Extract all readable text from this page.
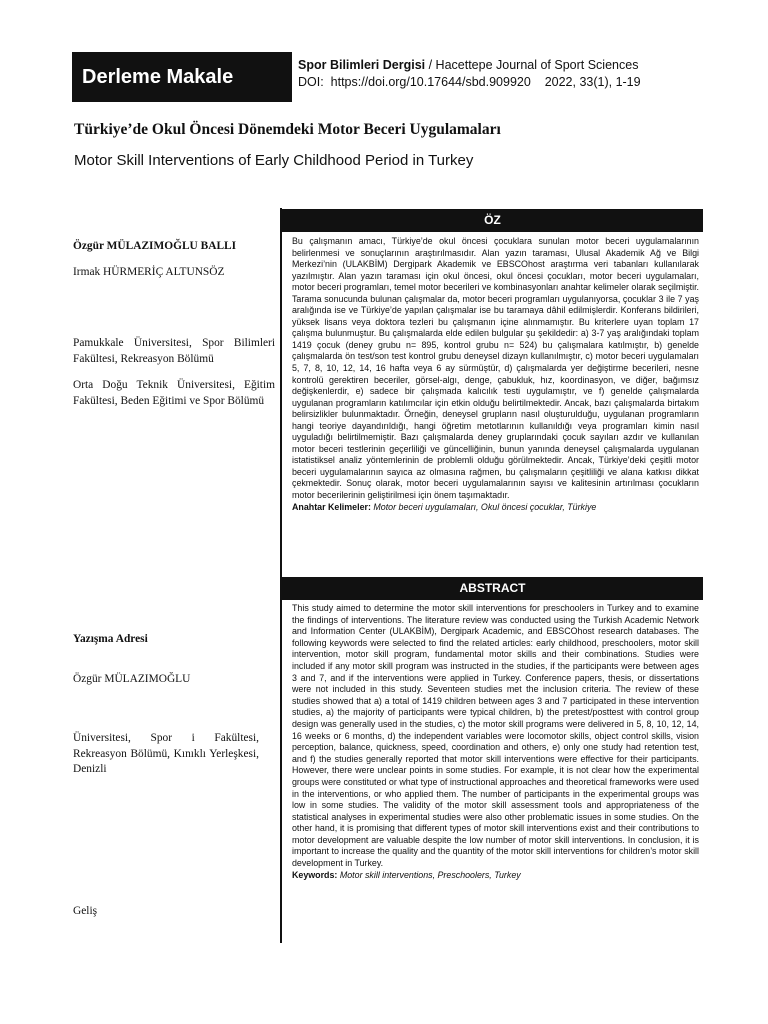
Derleme Makale
Spor Bilimleri Dergisi / Hacettepe Journal of Sport Sciences
DOI:  https://doi.org/10.17644/sbd.909920    2022, 33(1), 1-19
Türkiye’de Okul Öncesi Dönemdeki Motor Beceri Uygulamaları
Motor Skill Interventions of Early Childhood Period in Turkey
Özgür MÜLAZIMOĞLU BALLI
Irmak HÜRMERİÇ ALTUNSÖZ
Pamukkale Üniversitesi, Spor Bilimleri Fakültesi, Rekreasyon Bölümü
Orta Doğu Teknik Üniversitesi, Eğitim Fakültesi, Beden Eğitimi ve Spor Bölümü
Yazışma Adresi
Özgür MÜLAZIMOĞLU
Üniversitesi, Spor i Fakültesi, Rekreasyon Bölümü, Kınıklı Yerleşkesi, Denizli
Geliş
ÖZ

Bu çalışmanın amacı, Türkiye’de okul öncesi çocuklara sunulan motor beceri uygulamalarının belirlenmesi ve sonuçlarının araştırılmasıdır. Alan yazın taraması, Ulusal Akademik Ağ ve Bilgi Merkezi’nin (ULAKBİM) Dergipark Akademik ve EBSCOhost araştırma veri tabanları kullanılarak yazılmıştır. Alan yazın taraması için okul öncesi, okul öncesi çocukları, motor beceri uygulamaları, motor beceri programları, temel motor becerileri ve kombinasyonları anahtar kelimeler olarak seçilmiştir. Tarama sonucunda bulunan çalışmalar da, motor beceri programları uygulanıyorsa, çocuklar 3 ile 7 yaş aralığında ise ve Türkiye’de yapılan çalışmalar ise bu taramaya dâhil edilmişlerdir. Konferans bildirileri, yüksek lisans veya doktora tezleri bu çalışmanın içine alınmamıştır. Bu kriterlere uyan toplam 17 çalışma bulunmuştur. Bu çalışmalarda elde edilen bulgular şu şekildedir: a) 3-7 yaş aralığındaki toplam 1419 çocuk (deney grubu n= 895, kontrol grubu n= 524) bu çalışmalara katılmıştır, b) genelde çalışmalarda ön test/son test kontrol grubu deneysel dizayn kullanılmıştır, c) motor beceri uygulamaları 5, 7, 8, 10, 12, 14, 16 hafta veya 6 ay sürmüştür, d) çalışmalarda yer değiştirme becerileri, nesne kontrolü gerektiren beceriler, görsel-algı, denge, çabukluk, hız, koordinasyon, ve diğer, bağımsız değişkenlerdir, e) sadece bir çalışmada kalıcılık testi uygulamıştır, ve f) genelde çalışmalarda uygulanan programların katılımcılar için etkin olduğu belirtilmektedir. Ancak, bazı çalışmalarda birtakım belirsizlikler bulunmaktadır. Örneğin, deneysel grupların nasıl oluşturulduğu, uygulanan programların hangi teoriye dayandırıldığı, hangi öğretim metotlarının kullanıldığı veya programları kimin nasıl uyguladığı belirtilmemiştir. Bazı çalışmalarda deney gruplarındaki çocuk sayıları azdır ve kullanılan motor beceri testlerinin geçerliliği ve güncelliğinin, bunun yanında deneysel çalışmalarda uygulanan istatistiksel analiz yöntemlerinin de problemli olduğu görülmektedir. Ancak, Türkiye’deki çeşitli motor beceri uygulamalarının sayıca az olmasına rağmen, bu çalışmaların çeşitliliği ve alana katkısı dikkat çekmektedir. Sonuç olarak, motor beceri uygulamalarının sayısı ve kalitesinin artırılması çocukların motor becerilerinin geliştirilmesi için önem taşımaktadır.

Anahtar Kelimeler: Motor beceri uygulamaları, Okul öncesi çocuklar, Türkiye

ABSTRACT

This study aimed to determine the motor skill interventions for preschoolers in Turkey and to examine the findings of interventions. The literature review was conducted using the Turkish Academic Network and Information Center (ULAKBİM), Dergipark Academic, and EBSCOhost research databases. The following keywords were selected to find the related articles: early childhood, preschoolers, motor skill intervention, motor skill program, fundamental motor skills and their combinations. Studies were included if any motor skill program was instructed in the studies, if the participants were between ages 3 and 7, and if the interventions were applied in Turkey. Conference papers, thesis, or dissertations were not included in this study. Seventeen studies met the inclusion criteria. The review of these studies showed that a) a total of 1419 children between ages 3 and 7 participated in these intervention studies, a) the majority of participants were typical children, b) the pretest/posttest with control group design was generally used in the studies, c) the motor skill programs were delivered in 5, 8, 10, 12, 14, 16 weeks or 6 months, d) the independent variables were locomotor skills, object control skills, vision perception, balance, quickness, speed, coordination and others, e) only one study had retention test, and f) the studies generally reported that motor skill interventions were effective for their participants. However, there were unclear points in some studies. For example, it is not clear how the experimental groups were constituted or what type of instructional approaches and theoretical frameworks were used in the interventions, or who applied them. The number of participants in the experimental groups was low in some studies. The validity of the motor skill assessment tools and appropriateness of the statistical analyses in experimental studies were also other problematic issues in some studies. On the other hand, it is promising that different types of motor skill interventions exist and their contributions to motor development are valuable despite the low number of motor skill interventions. In conclusion, it is important to increase the quality and the quantity of the motor skill interventions for children’s motor skill development in Turkey.

Keywords: Motor skill interventions, Preschoolers, Turkey
